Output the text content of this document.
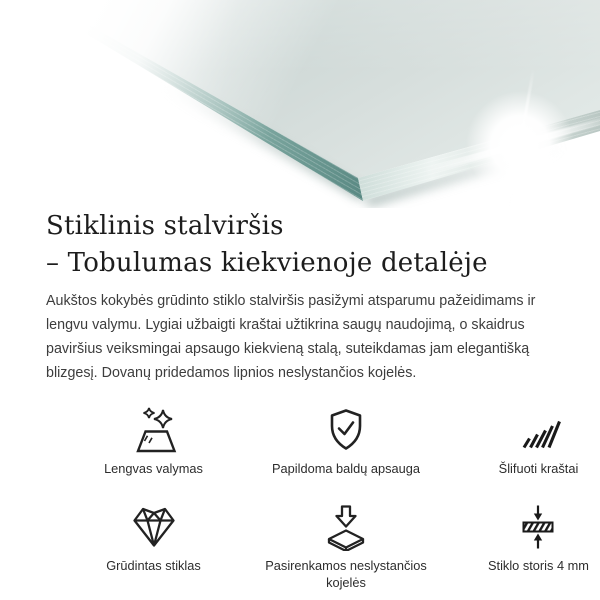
Stiklinis stalviršis
– Tobulumas kiekvienoje detalėje

Aukštos kokybės grūdinto stiklo stalviršis pasižymi atsparumu pažeidimams ir lengvu valymu. Lygiai užbaigti kraštai užtikrina saugų naudojimą, o skaidrus paviršius veiksmingai apsaugo kiekvieną stalą, suteikdamas jam elegantišką blizgesį. Dovanų pridedamos lipnios neslystančios kojelės.

Lengvas valymas	Papildoma baldų apsauga	Šlifuoti kraštai
Grūdintas stiklas	Pasirenkamos neslystančios kojelės
Stiklo storis 4 mm
